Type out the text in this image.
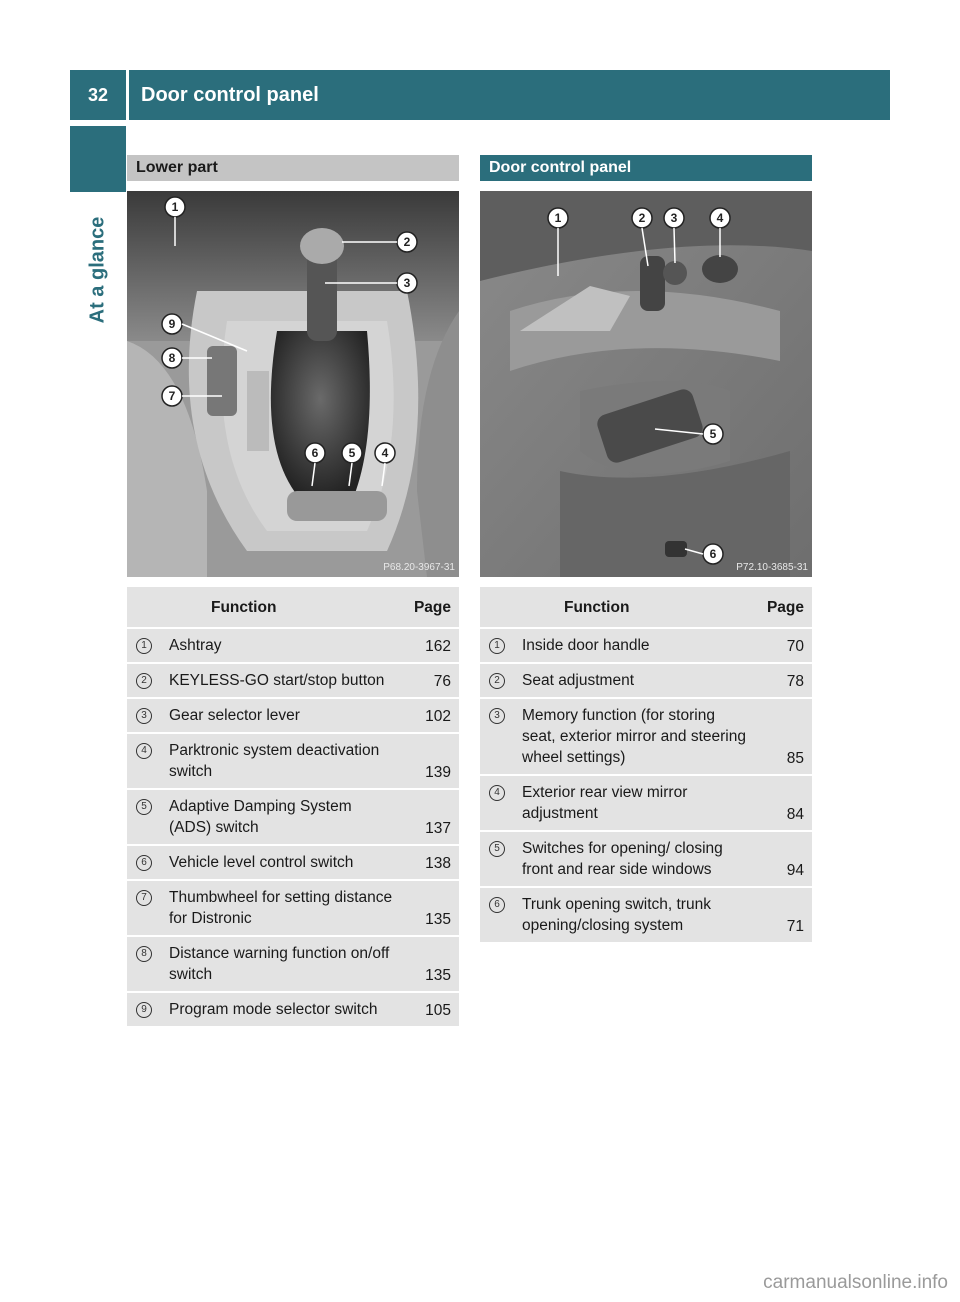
32	Door control panel
At a glance
Lower part
1
2
3
4
5
6
7
8
9
P68.20-3967-31
	Function	Page
1	Ashtray	162
2	KEYLESS-GO start/stop button	76
3	Gear selector lever	102
4	Parktronic system deactivation switch	139
5	Adaptive Damping System (ADS) switch	137
6	Vehicle level control switch	138
7	Thumbwheel for setting distance for Distronic	135
8	Distance warning function on/off switch	135
9	Program mode selector switch	105
Door control panel
1	2 3	4
5
6
P72.10-3685-31
	Function	Page
1	Inside door handle	70
2	Seat adjustment	78
3	Memory function (for storing seat, exterior mirror and steering wheel settings)	85
4	Exterior rear view mirror adjustment	84
5	Switches for opening/ closing front and rear side windows	94
6	Trunk opening switch, trunk opening/closing system	71
carmanualsonline.info
